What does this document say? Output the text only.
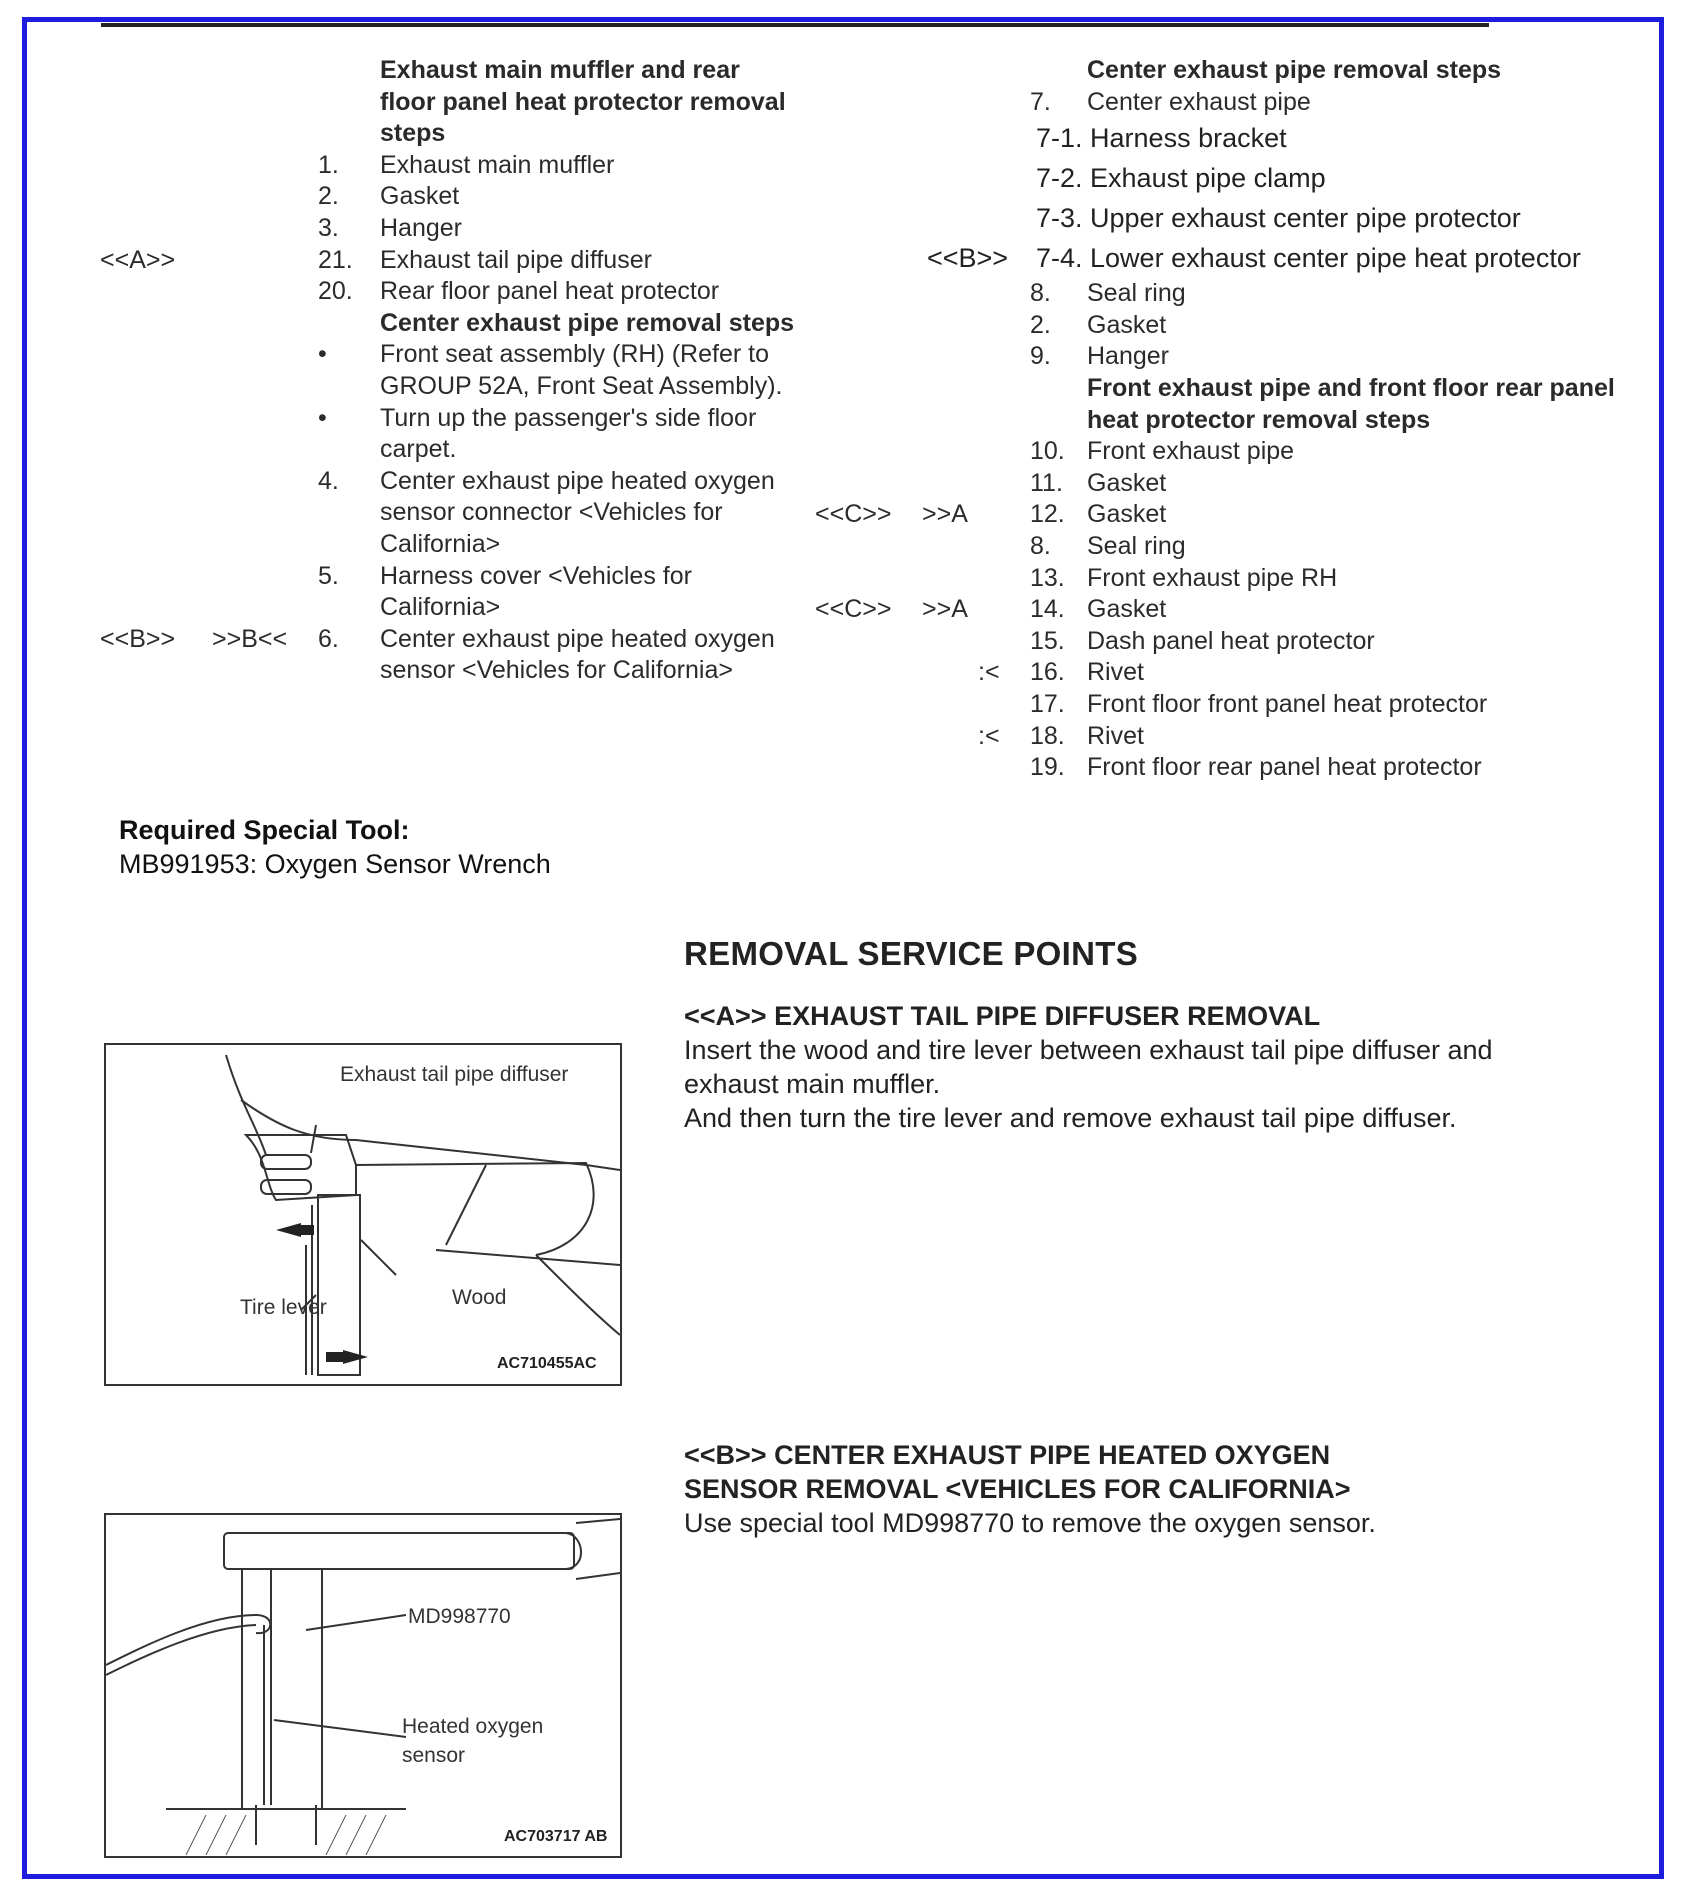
Exhaust main muffler and rear floor panel heat protector removal steps
1. Exhaust main muffler
2. Gasket
3. Hanger
<<A>>	21. Exhaust tail pipe diffuser
20. Rear floor panel heat protector
Center exhaust pipe removal steps
• Front seat assembly (RH) (Refer to GROUP 52A, Front Seat Assembly).
• Turn up the passenger's side floor carpet.
4. Center exhaust pipe heated oxygen sensor connector <Vehicles for California>
5. Harness cover <Vehicles for California>
<<B>> >>B<< 6. Center exhaust pipe heated oxygen sensor <Vehicles for California>
Center exhaust pipe removal steps
7. Center exhaust pipe
7-1. Harness bracket
7-2. Exhaust pipe clamp
7-3. Upper exhaust center pipe protector
<<B>> 7-4. Lower exhaust center pipe heat protector
8. Seal ring
2. Gasket
9. Hanger
Front exhaust pipe and front floor rear panel heat protector removal steps
10. Front exhaust pipe
11. Gasket
<<C>> >>A 12. Gasket
8. Seal ring
13. Front exhaust pipe RH
<<C>> >>A 14. Gasket
15. Dash panel heat protector
:< 16. Rivet
17. Front floor front panel heat protector
:< 18. Rivet
19. Front floor rear panel heat protector
Required Special Tool:
MB991953: Oxygen Sensor Wrench
REMOVAL SERVICE POINTS
<<A>> EXHAUST TAIL PIPE DIFFUSER REMOVAL

Insert the wood and tire lever between exhaust tail pipe diffuser and exhaust main muffler.

And then turn the tire lever and remove exhaust tail pipe diffuser.

<<B>> CENTER EXHAUST PIPE HEATED OXYGEN
SENSOR REMOVAL <VEHICLES FOR CALIFORNIA>

Use special tool MD998770 to remove the oxygen sensor.

Exhaust tail pipe diffuser
Tire lever	Wood
AC710455AC
MD998770
Heated oxygen
sensor
AC703717 AB
